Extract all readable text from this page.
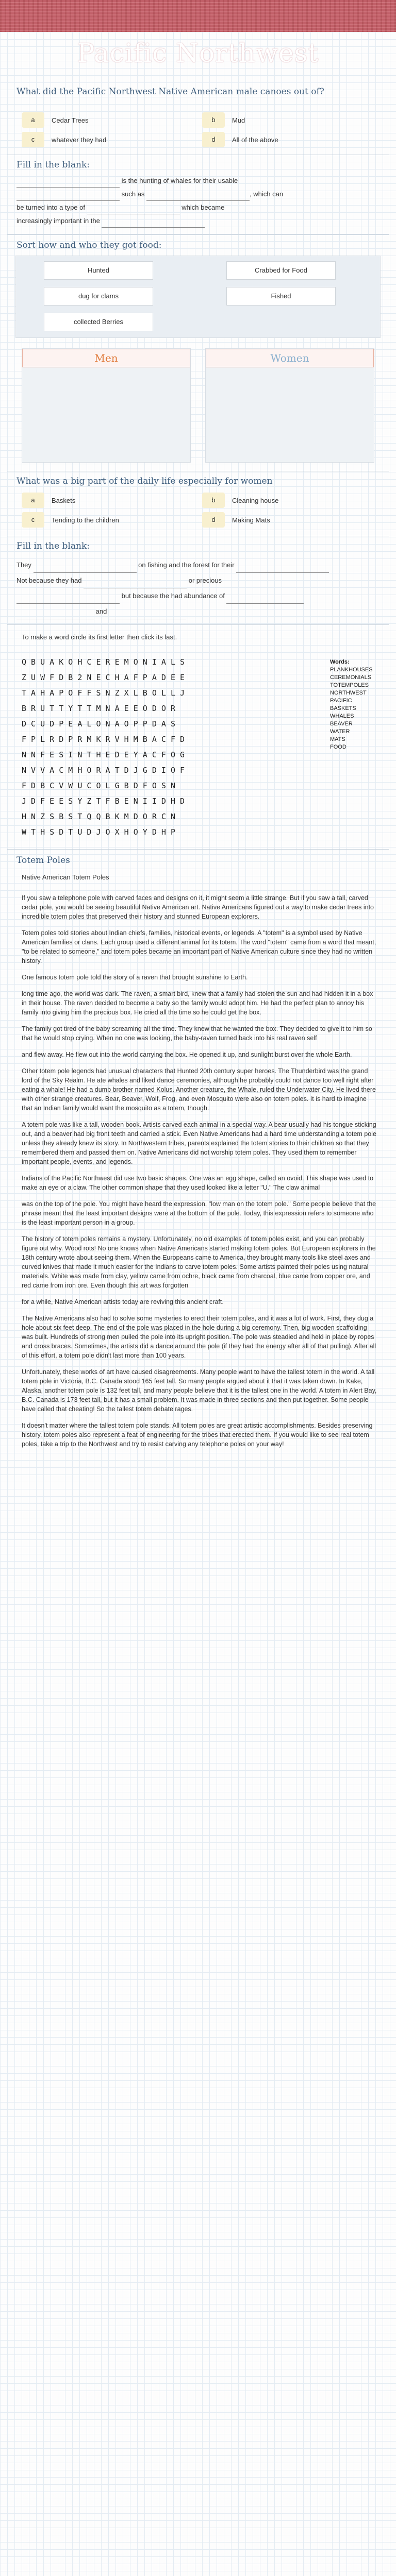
Pacific Northwest
What did the Pacific Northwest Native American male canoes out of?
a	Cedar Trees	b	Mud
c	whatever they had	d	All of the above
Fill in the blank:
is the hunting of whales for their usable
such as	, which can
be turned into a type of	which became
increasingly important in the
Sort how and who they got food:
Hunted	Crabbed for Food
dug for clams	Fished
collected Berries
Men	Women
What was a big part of the daily life especially for women
a	Baskets	b	Cleaning house
c	Tending to the children	d	Making Mats
Fill in the blank:
They	on fishing and the forest for their
Not because they had	or precious
but because the had abundance of
and
To make a word circle its first letter then click its last.
Q B U A K O H C E R E M O N I A L S
Z U W F D B 2 N E C H A F P A D E E
T A H A P O F F S N Z X L B O L L J
B R U T T Y T T M N A E E O D O R
D C U D P E A L O N A O P P D A S
F P L R D P R M K R V H M B A C F D
N N F E S I N T H E D E Y A C F O G
N V V A C M H O R A T D J G D I O F
F D B C V W U C O L G B D F O S N
J D F E E S Y Z T F B E N I I D H D
H N Z S B S T Q Q B K M D O R C N
W T H S D T U D J O X H O Y D H P
Words:
PLANKHOUSES
CEREMONIALS
TOTEMPOLES
NORTHWEST
PACIFIC
BASKETS
WHALES
BEAVER
WATER
MATS
FOOD
Totem Poles
Native American Totem Poles

If you saw a telephone pole with carved faces and designs on it, it might seem a little strange. But if you saw a tall, carved cedar pole, you would be seeing beautiful Native American art. Native Americans figured out a way to make cedar trees into incredible totem poles that preserved their history and stunned European explorers.

Totem poles told stories about Indian chiefs, families, historical events, or legends. A "totem" is a symbol used by Native American families or clans. Each group used a different animal for its totem. The word "totem" came from a word that meant, "to be related to someone," and totem poles became an important part of Native American culture since they had no written history.

One famous totem pole told the story of a raven that brought sunshine to Earth.

long time ago, the world was dark. The raven, a smart bird, knew that a family had stolen the sun and had hidden it in a box in their house. The raven decided to become a baby so the family would adopt him. He had the perfect plan to annoy his family into giving him the precious box. He cried all the time so he could get the box.

The family got tired of the baby screaming all the time. They knew that he wanted the box. They decided to give it to him so that he would stop crying. When no one was looking, the baby-raven turned back into his real raven self

and flew away. He flew out into the world carrying the box. He opened it up, and sunlight burst over the whole Earth.

Other totem pole legends had unusual characters that Hunted 20th century super heroes. The Thunderbird was the grand lord of the Sky Realm. He ate whales and liked dance ceremonies, although he probably could not dance too well right after eating a whale! He had a dumb brother named Kolus. Another creature, the Whale, ruled the Underwater City. He lived there with other strange creatures. Bear, Beaver, Wolf, Frog, and even Mosquito were also on totem poles. It is hard to imagine that an Indian family would want the mosquito as a totem, though.

A totem pole was like a tall, wooden book. Artists carved each animal in a special way. A bear usually had his tongue sticking out, and a beaver had big front teeth and carried a stick. Even Native Americans had a hard time understanding a totem pole unless they already knew its story. In Northwestern tribes, parents explained the totem stories to their children so that they remembered them and passed them on. Native Americans did not worship totem poles. They used them to remember important people, events, and legends.

Indians of the Pacific Northwest did use two basic shapes. One was an egg shape, called an ovoid. This shape was used to make an eye or a claw. The other common shape that they used looked like a letter "U." The claw animal

was on the top of the pole. You might have heard the expression, "low man on the totem pole." Some people believe that the phrase meant that the least important designs were at the bottom of the pole. Today, this expression refers to someone who is the least important person in a group.

The history of totem poles remains a mystery. Unfortunately, no old examples of totem poles exist, and you can probably figure out why. Wood rots! No one knows when Native Americans started making totem poles. But European explorers in the 18th century wrote about seeing them. When the Europeans came to America, they brought many tools like steel axes and curved knives that made it much easier for the Indians to carve totem poles. Some artists painted their poles using natural materials. White was made from clay, yellow came from ochre, black came from charcoal, blue came from copper ore, and red came from iron ore. Even though this art was forgotten

for a while, Native American artists today are reviving this ancient craft.

The Native Americans also had to solve some mysteries to erect their totem poles, and it was a lot of work. First, they dug a hole about six feet deep. The end of the pole was placed in the hole during a big ceremony. Then, big wooden scaffolding was built. Hundreds of strong men pulled the pole into its upright position. The pole was steadied and held in place by ropes and cross braces. Sometimes, the artists did a dance around the pole (if they had the energy after all of that pulling). After all of this effort, a totem pole didn't last more than 100 years.

Unfortunately, these works of art have caused disagreements. Many people want to have the tallest totem in the world. A tall totem pole in Victoria, B.C. Canada stood 165 feet tall. So many people argued about it that it was taken down. In Kake, Alaska, another totem pole is 132 feet tall, and many people believe that it is the tallest one in the world. A totem in Alert Bay, B.C. Canada is 173 feet tall, but it has a small problem. It was made in three sections and then put together. Some people have called that cheating! So the tallest totem debate rages.

It doesn't matter where the tallest totem pole stands. All totem poles are great artistic accomplishments. Besides preserving history, totem poles also represent a feat of engineering for the tribes that erected them. If you would like to see real totem poles, take a trip to the Northwest and try to resist carving any telephone poles on your way!
